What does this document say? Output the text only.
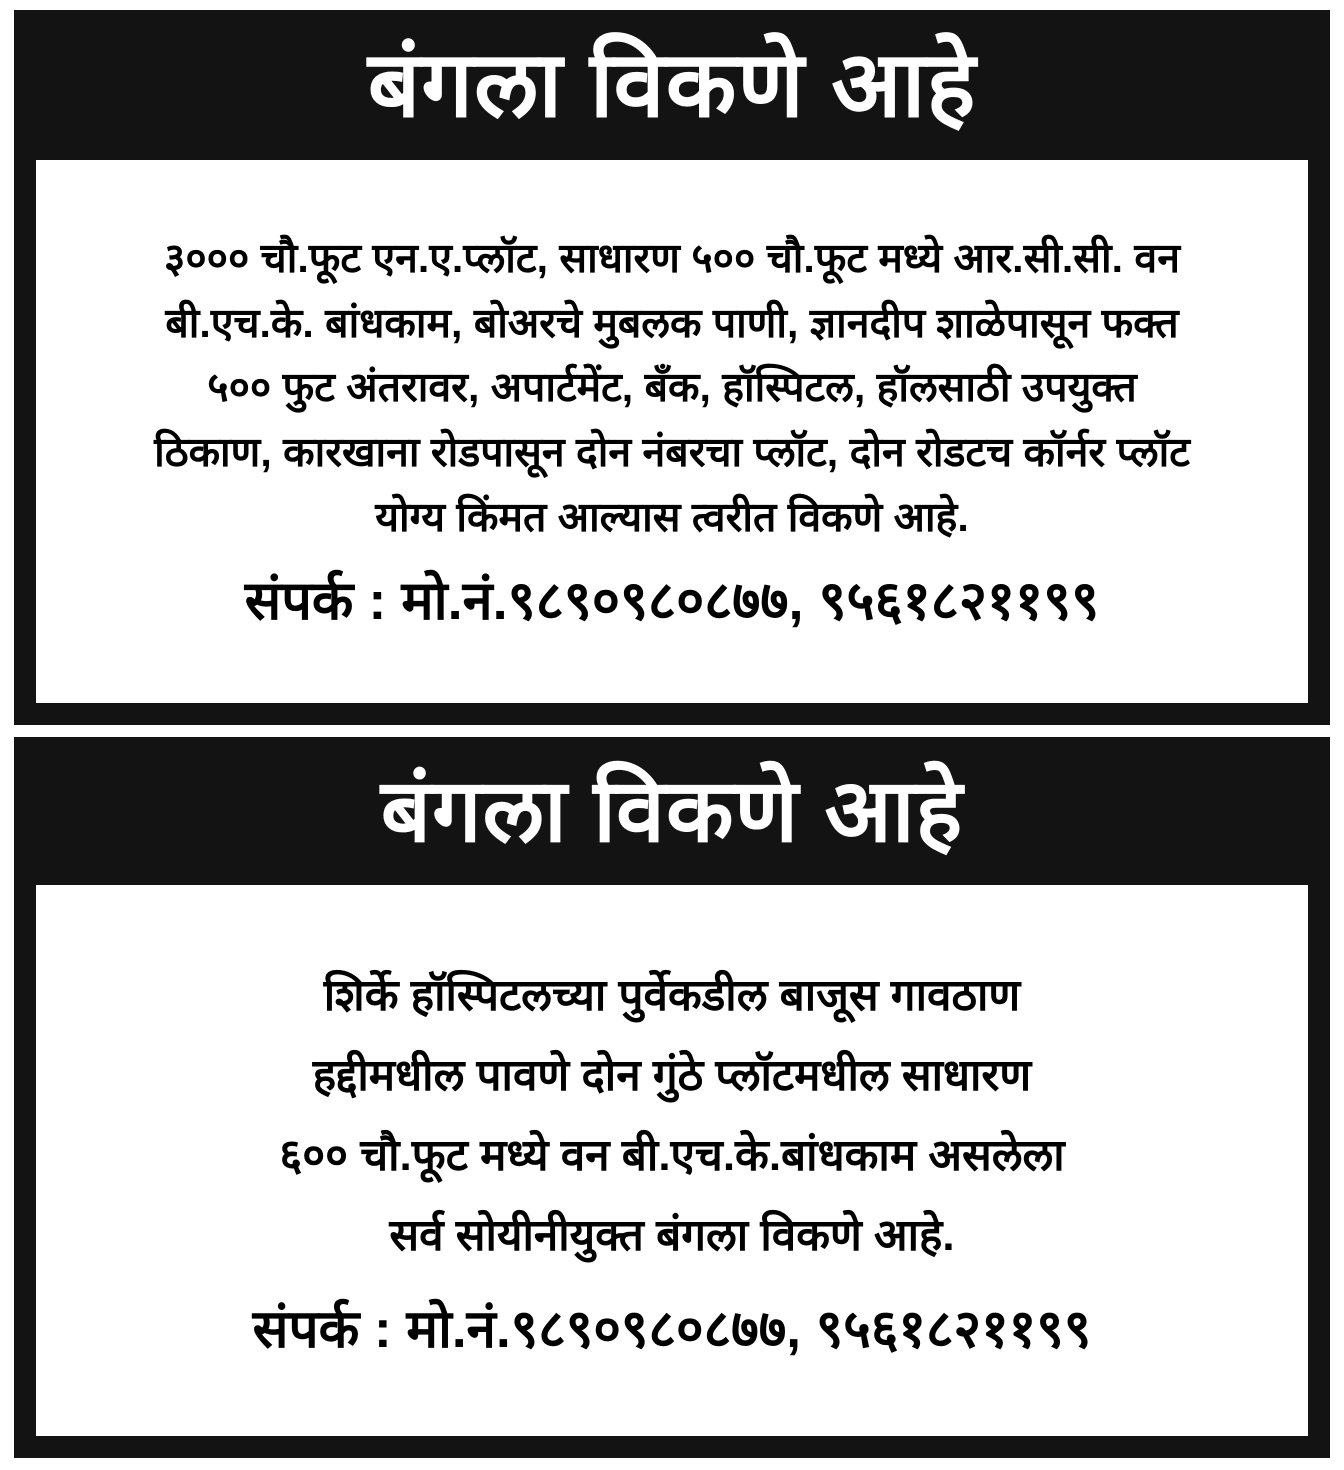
बंगला विकणे आहे
३००० चौ.फूट एन.ए.प्लॉट, साधारण ५०० चौ.फूट मध्ये आर.सी.सी. वन
बी.एच.के. बांधकाम, बोअरचे मुबलक पाणी, ज्ञानदीप शाळेपासून फक्त
५०० फुट अंतरावर, अपार्टमेंट, बँक, हॉस्पिटल, हॉलसाठी उपयुक्त
ठिकाण, कारखाना रोडपासून दोन नंबरचा प्लॉट, दोन रोडटच कॉर्नर प्लॉट
योग्य किंमत आल्यास त्वरीत विकणे आहे.
संपर्क : मो.नं.९८९०९८०८७७, ९५६१८२११९९
बंगला विकणे आहे
शिर्के हॉस्पिटलच्या पुर्वेकडील बाजूस गावठाण
हद्दीमधील पावणे दोन गुंठे प्लॉटमधील साधारण
६०० चौ.फूट मध्ये वन बी.एच.के.बांधकाम असलेला
सर्व सोयीनीयुक्त बंगला विकणे आहे.
संपर्क : मो.नं.९८९०९८०८७७, ९५६१८२११९९
